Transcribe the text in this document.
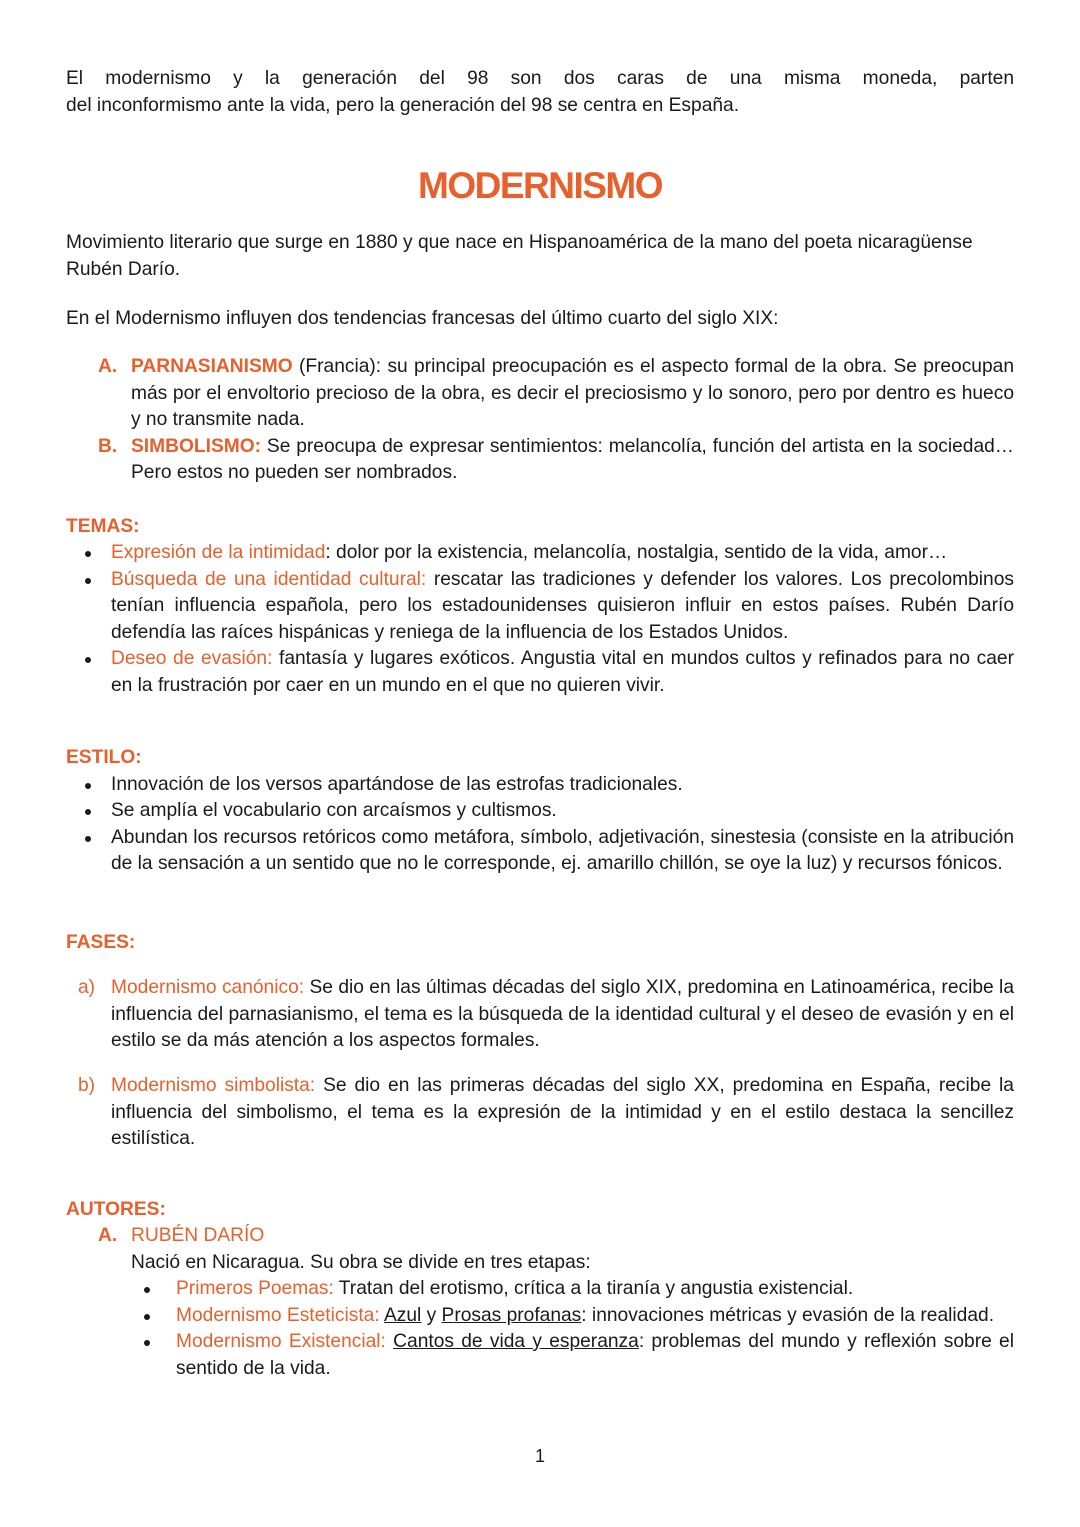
El modernismo y la generación del 98 son dos caras de una misma moneda, parten

del inconformismo ante la vida, pero la generación del 98 se centra en España.

MODERNISMO

Movimiento literario que surge en 1880 y que nace en Hispanoamérica de la mano del poeta nicaragüense Rubén Darío.

En el Modernismo influyen dos tendencias francesas del último cuarto del siglo XIX:

A. PARNASIANISMO (Francia): su principal preocupación es el aspecto formal de la obra. Se preocupan más por el envoltorio precioso de la obra, es decir el preciosismo y lo sonoro, pero por dentro es hueco y no transmite nada.
B. SIMBOLISMO: Se preocupa de expresar sentimientos: melancolía, función del artista en la sociedad… Pero estos no pueden ser nombrados.

TEMAS:

Expresión de la intimidad: dolor por la existencia, melancolía, nostalgia, sentido de la vida, amor…
Búsqueda de una identidad cultural: rescatar las tradiciones y defender los valores. Los precolombinos tenían influencia española, pero los estadounidenses quisieron influir en estos países. Rubén Darío defendía las raíces hispánicas y reniega de la influencia de los Estados Unidos.
Deseo de evasión: fantasía y lugares exóticos. Angustia vital en mundos cultos y refinados para no caer en la frustración por caer en un mundo en el que no quieren vivir.

ESTILO:

Innovación de los versos apartándose de las estrofas tradicionales.
Se amplía el vocabulario con arcaísmos y cultismos.
Abundan los recursos retóricos como metáfora, símbolo, adjetivación, sinestesia (consiste en la atribución de la sensación a un sentido que no le corresponde, ej. amarillo chillón, se oye la luz) y recursos fónicos.

FASES:

a) Modernismo canónico: Se dio en las últimas décadas del siglo XIX, predomina en Latinoamérica, recibe la influencia del parnasianismo, el tema es la búsqueda de la identidad cultural y el deseo de evasión y en el estilo se da más atención a los aspectos formales.
b) Modernismo simbolista: Se dio en las primeras décadas del siglo XX, predomina en España, recibe la influencia del simbolismo, el tema es la expresión de la intimidad y en el estilo destaca la sencillez estilística.

AUTORES:

A. RUBÉN DARÍO

Nació en Nicaragua. Su obra se divide en tres etapas:

Primeros Poemas: Tratan del erotismo, crítica a la tiranía y angustia existencial.
Modernismo Esteticista: Azul y Prosas profanas: innovaciones métricas y evasión de la realidad.
Modernismo Existencial: Cantos de vida y esperanza: problemas del mundo y reflexión sobre el sentido de la vida.
1
